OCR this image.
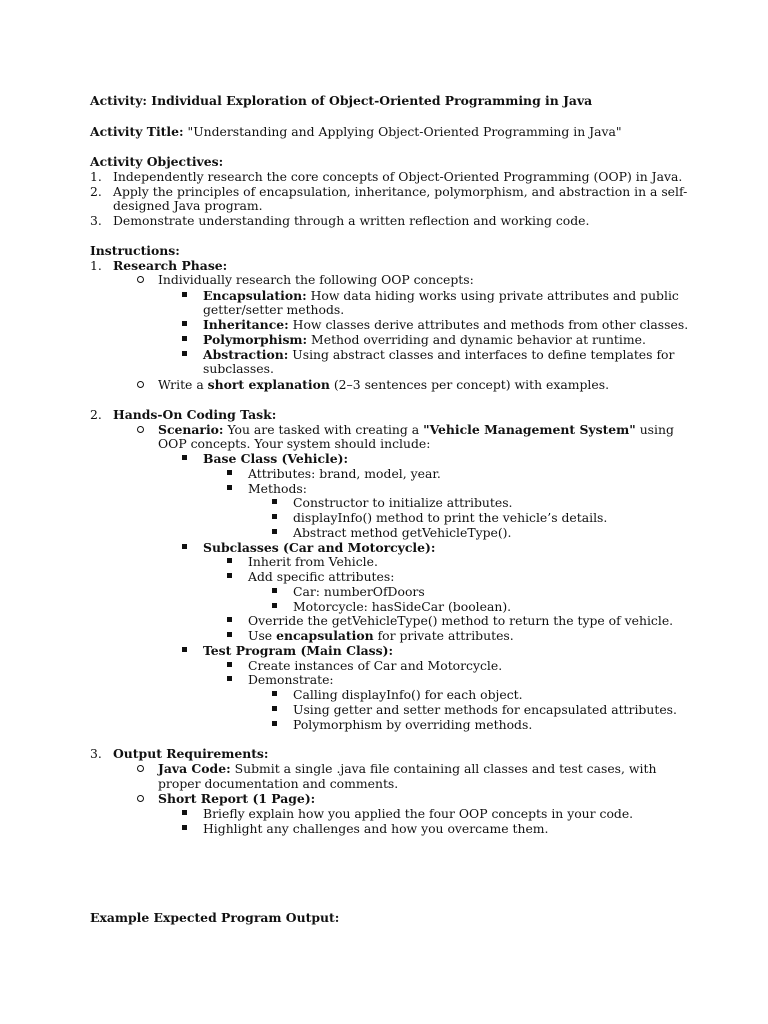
Activity: Individual Exploration of Object-Oriented Programming in Java
Activity Title: "Understanding and Applying Object-Oriented Programming in Java"
Activity Objectives:
1. Independently research the core concepts of Object-Oriented Programming (OOP) in Java.
2. Apply the principles of encapsulation, inheritance, polymorphism, and abstraction in a self-
designed Java program.
3. Demonstrate understanding through a written reflection and working code.
Instructions:
1. Research Phase:
Individually research the following OOP concepts:
Encapsulation: How data hiding works using private attributes and public
getter/setter methods.
Inheritance: How classes derive attributes and methods from other classes.
Polymorphism: Method overriding and dynamic behavior at runtime.
Abstraction: Using abstract classes and interfaces to define templates for
subclasses.
Write a short explanation (2–3 sentences per concept) with examples.
2. Hands-On Coding Task:
Scenario: You are tasked with creating a "Vehicle Management System" using
OOP concepts. Your system should include:
Base Class (Vehicle):
Attributes: brand, model, year.
Methods:
Constructor to initialize attributes.
displayInfo() method to print the vehicle’s details.
Abstract method getVehicleType().
Subclasses (Car and Motorcycle):
Inherit from Vehicle.
Add specific attributes:
Car: numberOfDoors
Motorcycle: hasSideCar (boolean).
Override the getVehicleType() method to return the type of vehicle.
Use encapsulation for private attributes.
Test Program (Main Class):
Create instances of Car and Motorcycle.
Demonstrate:
Calling displayInfo() for each object.
Using getter and setter methods for encapsulated attributes.
Polymorphism by overriding methods.
3. Output Requirements:
Java Code: Submit a single .java file containing all classes and test cases, with
proper documentation and comments.
Short Report (1 Page):
Briefly explain how you applied the four OOP concepts in your code.
Highlight any challenges and how you overcame them.
Example Expected Program Output:
